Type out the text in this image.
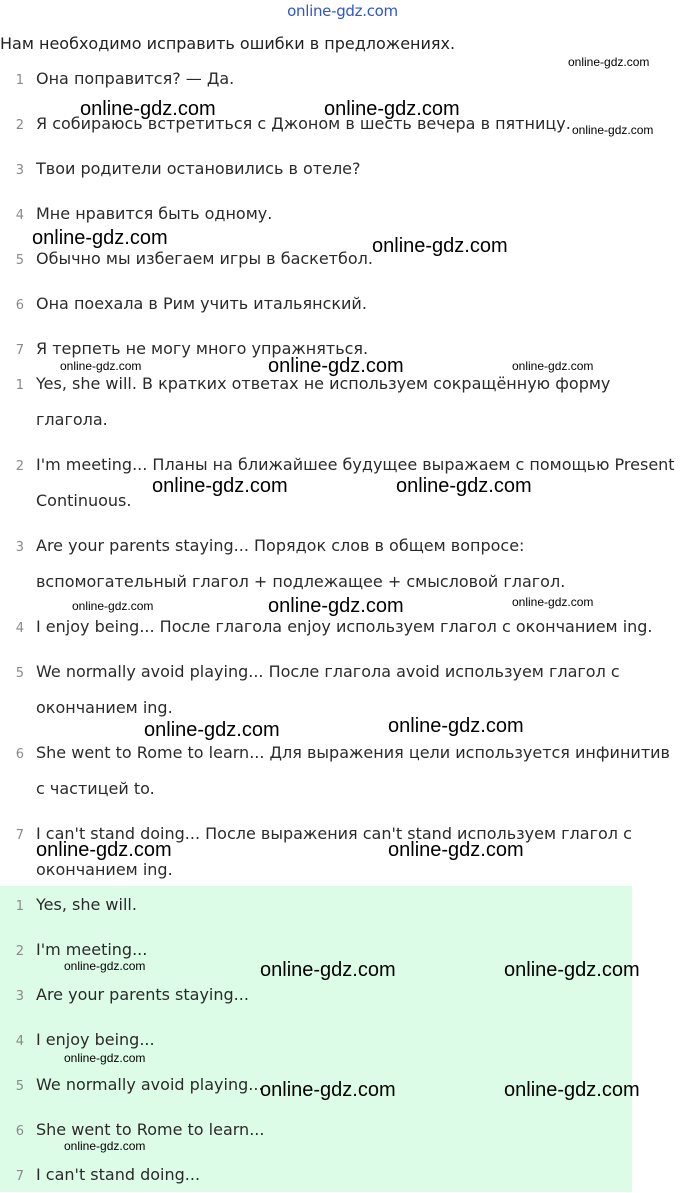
online-gdz.com
Нам необходимо исправить ошибки в предложениях.
1 Она поправится? — Да.
2 Я собираюсь встретиться с Джоном в шесть вечера в пятницу.
3 Твои родители остановились в отеле?
4 Мне нравится быть одному.
5 Обычно мы избегаем игры в баскетбол.
6 Она поехала в Рим учить итальянский.
7 Я терпеть не могу много упражняться.
1 Yes, she will. В кратких ответах не используем сокращённую форму
глагола.
2 I'm meeting... Планы на ближайшее будущее выражаем с помощью Present
Continuous.
3 Are your parents staying... Порядок слов в общем вопросе:
вспомогательный глагол + подлежащее + смысловой глагол.
4 I enjoy being... После глагола enjoy используем глагол с окончанием ing.
5 We normally avoid playing... После глагола avoid используем глагол с
окончанием ing.
6 She went to Rome to learn... Для выражения цели используется инфинитив
с частицей to.
7 I can't stand doing... После выражения can't stand используем глагол с
окончанием ing.
1 Yes, she will.
2 I'm meeting...
3 Are your parents staying...
4 I enjoy being...
5 We normally avoid playing...
6 She went to Rome to learn...
7 I can't stand doing...
online-gdz.com
online-gdz.com	online-gdz.com
online-gdz.com
online-gdz.com	online-gdz.com
online-gdz.com	online-gdz.com	online-gdz.com
online-gdz.com	online-gdz.com
online-gdz.com	online-gdz.com	online-gdz.com
online-gdz.com	online-gdz.com
online-gdz.com	online-gdz.com
online-gdz.com	online-gdz.com	online-gdz.com
online-gdz.com
online-gdz.com	online-gdz.com
online-gdz.com
